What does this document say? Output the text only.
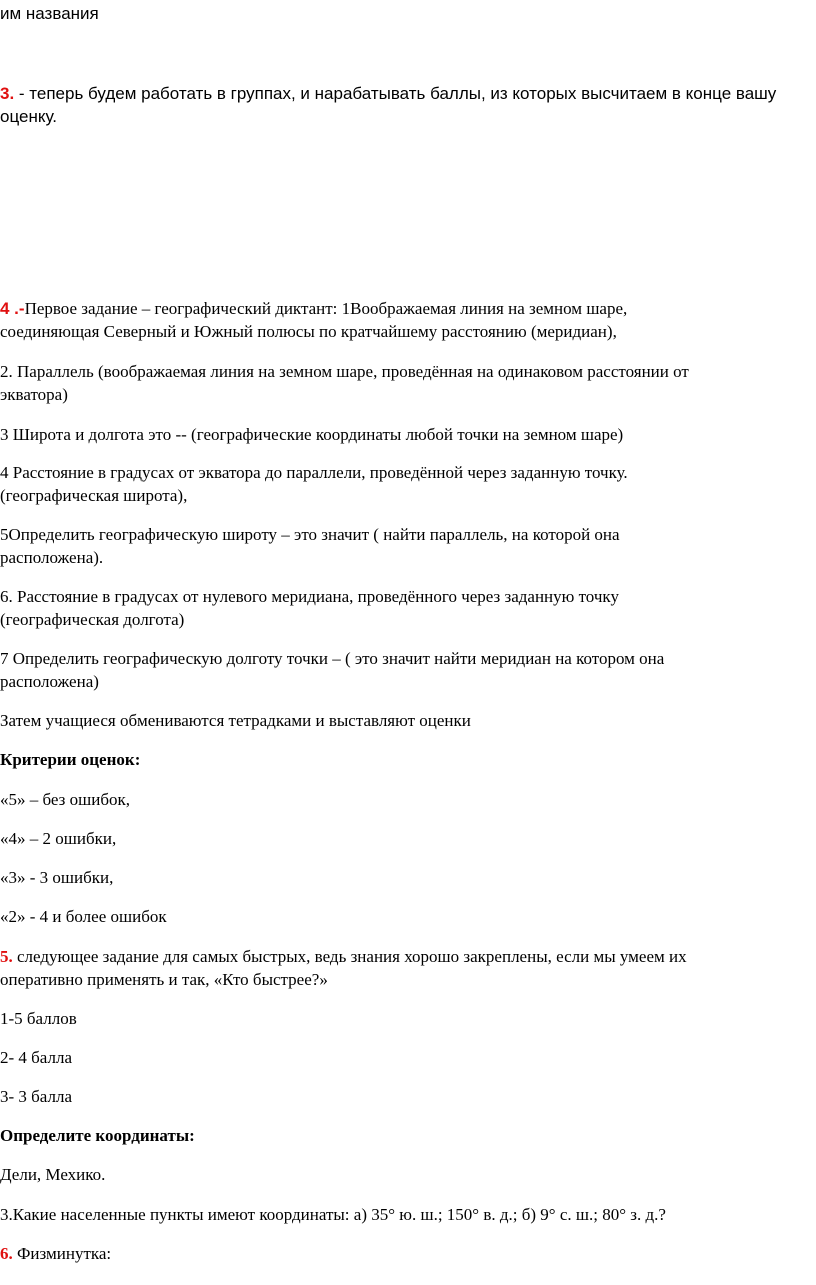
им названия
3. - теперь будем работать в группах, и нарабатывать баллы, из которых высчитаем в конце вашу
оценку.
4 .-Первое задание – географический диктант: 1Воображаемая линия на земном шаре,
соединяющая Северный и Южный полюсы по кратчайшему расстоянию (меридиан),
2. Параллель (воображаемая линия на земном шаре, проведённая на одинаковом расстоянии от
экватора)
3 Широта и долгота это -- (географические координаты любой точки на земном шаре)
4 Расстояние в градусах от экватора до параллели, проведённой через заданную точку.
(географическая широта),
5Определить географическую широту – это значит ( найти параллель, на которой она
расположена).
6. Расстояние в градусах от нулевого меридиана, проведённого через заданную точку
(географическая долгота)
7 Определить географическую долготу точки – ( это значит найти меридиан на котором она
расположена)
Затем учащиеся обмениваются тетрадками и выставляют оценки
Критерии оценок:
«5» – без ошибок,
«4» – 2 ошибки,
«3» - 3 ошибки,
«2» - 4 и более ошибок
5. следующее задание для самых быстрых, ведь знания хорошо закреплены, если мы умеем их
оперативно применять и так, «Кто быстрее?»
1-5 баллов
2- 4 балла
3- 3 балла
Определите координаты:
Дели, Мехико.
3.Какие населенные пункты имеют координаты: а) 35° ю. ш.; 150° в. д.; б) 9° с. ш.; 80° з. д.?
6. Физминутка:
